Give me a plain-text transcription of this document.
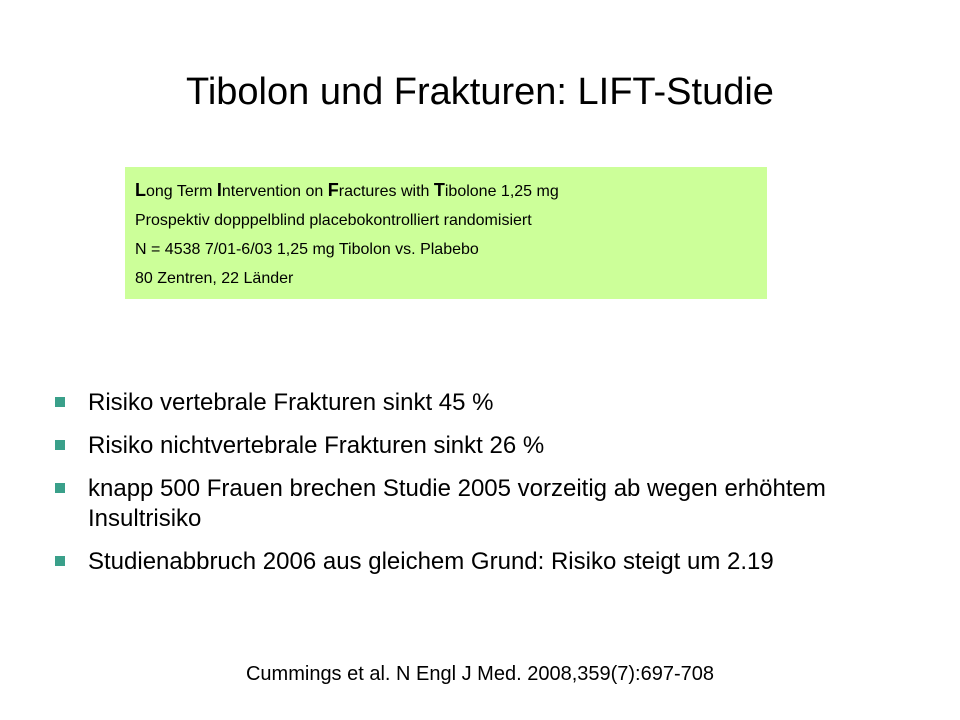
Tibolon und Frakturen: LIFT-Studie
Long Term Intervention on Fractures with Tibolone 1,25 mg
Prospektiv dopppelblind placebokontrolliert randomisiert
N = 4538 7/01-6/03 1,25 mg Tibolon vs. Plabebo
80 Zentren, 22 Länder
Risiko vertebrale Frakturen sinkt 45 %
Risiko nichtvertebrale Frakturen sinkt 26 %
knapp 500 Frauen brechen Studie 2005 vorzeitig ab wegen erhöhtem Insultrisiko
Studienabbruch 2006 aus gleichem Grund: Risiko steigt um 2.19
Cummings et al. N Engl J Med. 2008,359(7):697-708
